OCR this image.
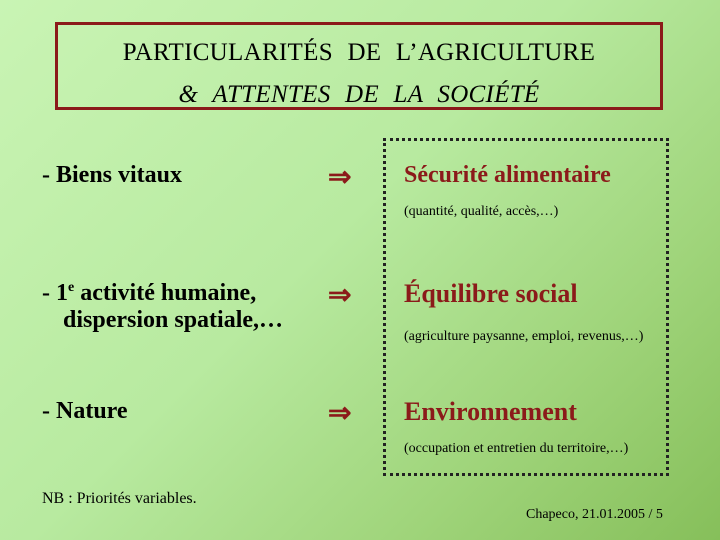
PARTICULARITÉS DE L’AGRICULTURE
& ATTENTES DE LA SOCIÉTÉ
- Biens vitaux	⇒ Sécurité alimentaire
(quantité, qualité, accès,…)
- 1e activité humaine,
dispersion spatiale,…
⇒ Équilibre social
(agriculture paysanne, emploi, revenus,…)
- Nature	⇒ Environnement
(occupation et entretien du territoire,…)
NB : Priorités variables.
Chapeco, 21.01.2005 / 5
